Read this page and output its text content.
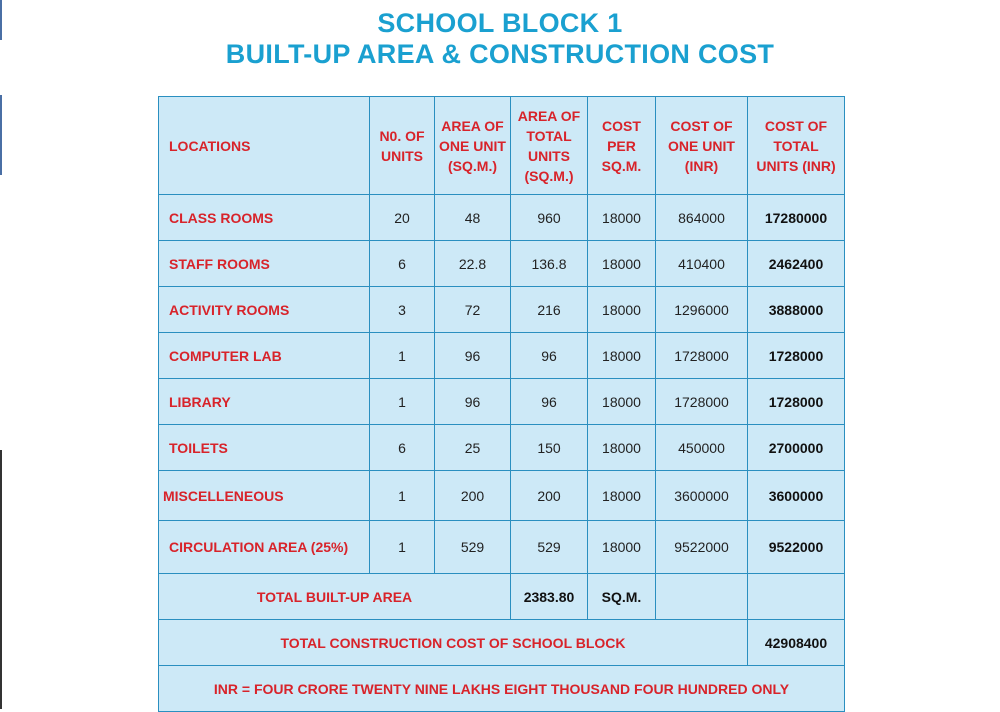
SCHOOL BLOCK 1
BUILT-UP AREA & CONSTRUCTION COST
LOCATIONS	N0. OF UNITS	AREA OF ONE UNIT (SQ.M.)	AREA OF TOTAL UNITS (SQ.M.)	COST PER SQ.M.	COST OF ONE UNIT (INR)	COST OF TOTAL UNITS (INR)
CLASS ROOMS	20	48	960	18000	864000	17280000
STAFF ROOMS	6	22.8	136.8	18000	410400	2462400
ACTIVITY ROOMS	3	72	216	18000	1296000	3888000
COMPUTER LAB	1	96	96	18000	1728000	1728000
LIBRARY	1	96	96	18000	1728000	1728000
TOILETS	6	25	150	18000	450000	2700000
MISCELLENEOUS	1	200	200	18000	3600000	3600000
CIRCULATION AREA (25%)	1	529	529	18000	9522000	9522000
TOTAL BUILT-UP AREA			2383.80	SQ.M.		
TOTAL CONSTRUCTION COST OF SCHOOL BLOCK						42908400
INR = FOUR CRORE TWENTY NINE LAKHS EIGHT THOUSAND FOUR HUNDRED ONLY						
